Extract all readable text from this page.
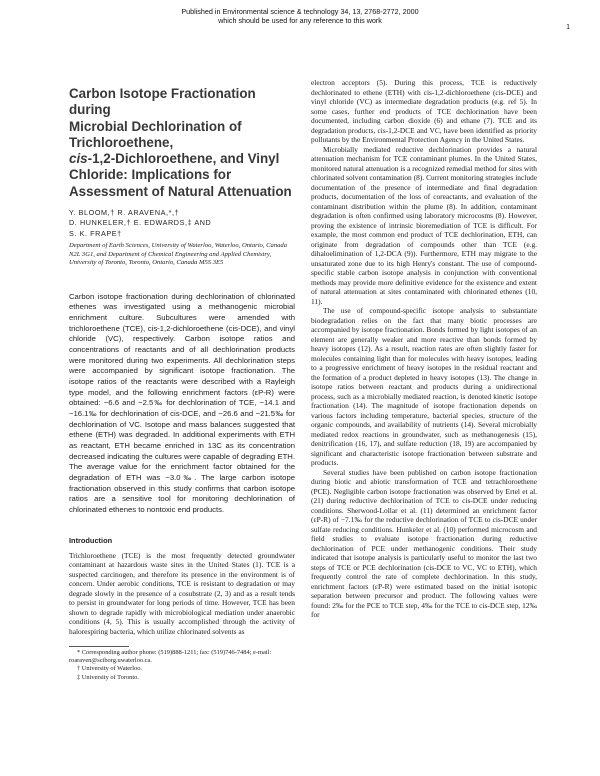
Published in Environmental science & technology 34, 13, 2768-2772, 2000
which should be used for any reference to this work
1
Carbon Isotope Fractionation during
Microbial Dechlorination of
Trichloroethene,
cis-1,2-Dichloroethene, and Vinyl
Chloride: Implications for
Assessment of Natural Attenuation
Y. BLOOM,† R. ARAVENA,*,†
D. HUNKELER,† E. EDWARDS,‡ AND
S. K. FRAPE†
Department of Earth Sciences, University of Waterloo, Waterloo, Ontario, Canada N2L 3G1, and Department of Chemical Engineering and Applied Chemistry, University of Toronto, Toronto, Ontario, Canada M5S 3E5
Carbon isotope fractionation during dechlorination of chlorinated ethenes was investigated using a methanogenic microbial enrichment culture. Subcultures were amended with trichloroethene (TCE), cis-1,2-dichloroethene (cis-DCE), and vinyl chloride (VC), respectively. Carbon isotope ratios and concentrations of reactants and of all dechlorination products were monitored during two experiments. All dechlorination steps were accompanied by significant isotope fractionation. The isotope ratios of the reactants were described with a Rayleigh type model, and the following enrichment factors (εP-R) were obtained: −6.6 and −2.5‰ for dechlorination of TCE, −14.1 and −16.1‰ for dechlorination of cis-DCE, and −26.6 and −21.5‰ for dechlorination of VC. Isotope and mass balances suggested that ethene (ETH) was degraded. In additional experiments with ETH as reactant, ETH became enriched in 13C as its concentration decreased indicating the cultures were capable of degrading ETH. The average value for the enrichment factor obtained for the degradation of ETH was −3.0‰. The large carbon isotope fractionation observed in this study confirms that carbon isotope ratios are a sensitive tool for monitoring dechlorination of chlorinated ethenes to nontoxic end products.
Introduction

Trichloroethene (TCE) is the most frequently detected groundwater contaminant at hazardous waste sites in the United States (1). TCE is a suspected carcinogen, and therefore its presence in the environment is of concern. Under aerobic conditions, TCE is resistant to degradation or may degrade slowly in the presence of a cosubstrate (2, 3) and as a result tends to persist in groundwater for long periods of time. However, TCE has been shown to degrade rapidly with microbiological mediation under anaerobic conditions (4, 5). This is usually accomplished through the activity of halorespiring bacteria, which utilize chlorinated solvents as

* Corresponding author phone: (519)888-1211; fax: (519)746-7484; e-mail: roaraven@sciborg.uwaterloo.ca.
† University of Waterloo.
‡ University of Toronto.

electron acceptors (5). During this process, TCE is reductively dechlorinated to ethene (ETH) with cis-1,2-dichloroethene (cis-DCE) and vinyl chloride (VC) as intermediate degradation products (e.g. ref 5). In some cases, further end products of TCE dechlorination have been documented, including carbon dioxide (6) and ethane (7). TCE and its degradation products, cis-1,2-DCE and VC, have been identified as priority pollutants by the Environmental Protection Agency in the United States.

Microbially mediated reductive dechlorination provides a natural attenuation mechanism for TCE contaminant plumes. In the United States, monitored natural attenuation is a recognized remedial method for sites with chlorinated solvent contamination (8). Current monitoring strategies include documentation of the presence of intermediate and final degradation products, documentation of the loss of coreactants, and evaluation of the contaminant distribution within the plume (8). In addition, contaminant degradation is often confirmed using laboratory microcosms (8). However, proving the existence of intrinsic bioremediation of TCE is difficult. For example, the most common end product of TCE dechlorination, ETH, can originate from degradation of compounds other than TCE (e.g. dihaloelimination of 1,2-DCA (9)). Furthermore, ETH may migrate to the unsaturated zone due to its high Henry's constant. The use of compound-specific stable carbon isotope analysis in conjunction with conventional methods may provide more definitive evidence for the existence and extent of natural attenuation at sites contaminated with chlorinated ethenes (10, 11).

The use of compound-specific isotope analysis to substantiate biodegradation relies on the fact that many biotic processes are accompanied by isotope fractionation. Bonds formed by light isotopes of an element are generally weaker and more reactive than bonds formed by heavy isotopes (12). As a result, reaction rates are often slightly faster for molecules containing light than for molecules with heavy isotopes, leading to a progressive enrichment of heavy isotopes in the residual reactant and the formation of a product depleted in heavy isotopes (13). The change in isotope ratios between reactant and products during a unidirectional process, such as a microbially mediated reaction, is denoted kinetic isotope fractionation (14). The magnitude of isotope fractionation depends on various factors including temperature, bacterial species, structure of the organic compounds, and availability of nutrients (14). Several microbially mediated redox reactions in groundwater, such as methanogenesis (15), denitrification (16, 17), and sulfate reduction (18, 19) are accompanied by significant and characteristic isotope fractionation between substrate and products.

Several studies have been published on carbon isotope fractionation during biotic and abiotic transformation of TCE and tetrachloroethene (PCE). Negligible carbon isotope fractionation was observed by Ertel et al. (21) during reductive dechlorination of TCE to cis-DCE under reducing conditions. Sherwood-Lollar et al. (11) determined an enrichment factor (εP-R) of −7.1‰ for the reductive dechlorination of TCE to cis-DCE under sulfate reducing conditions. Hunkeler et al. (10) performed microcosm and field studies to evaluate isotope fractionation during reductive dechlorination of PCE under methanogenic conditions. Their study indicated that isotope analysis is particularly useful to monitor the last two steps of TCE or PCE dechlorination (cis-DCE to VC, VC to ETH), which frequently control the rate of complete dechlorination. In this study, enrichment factors (εP-R) were estimated based on the initial isotopic separation between precursor and product. The following values were found: 2‰ for the PCE to TCE step, 4‰ for the TCE to cis-DCE step, 12‰ for
